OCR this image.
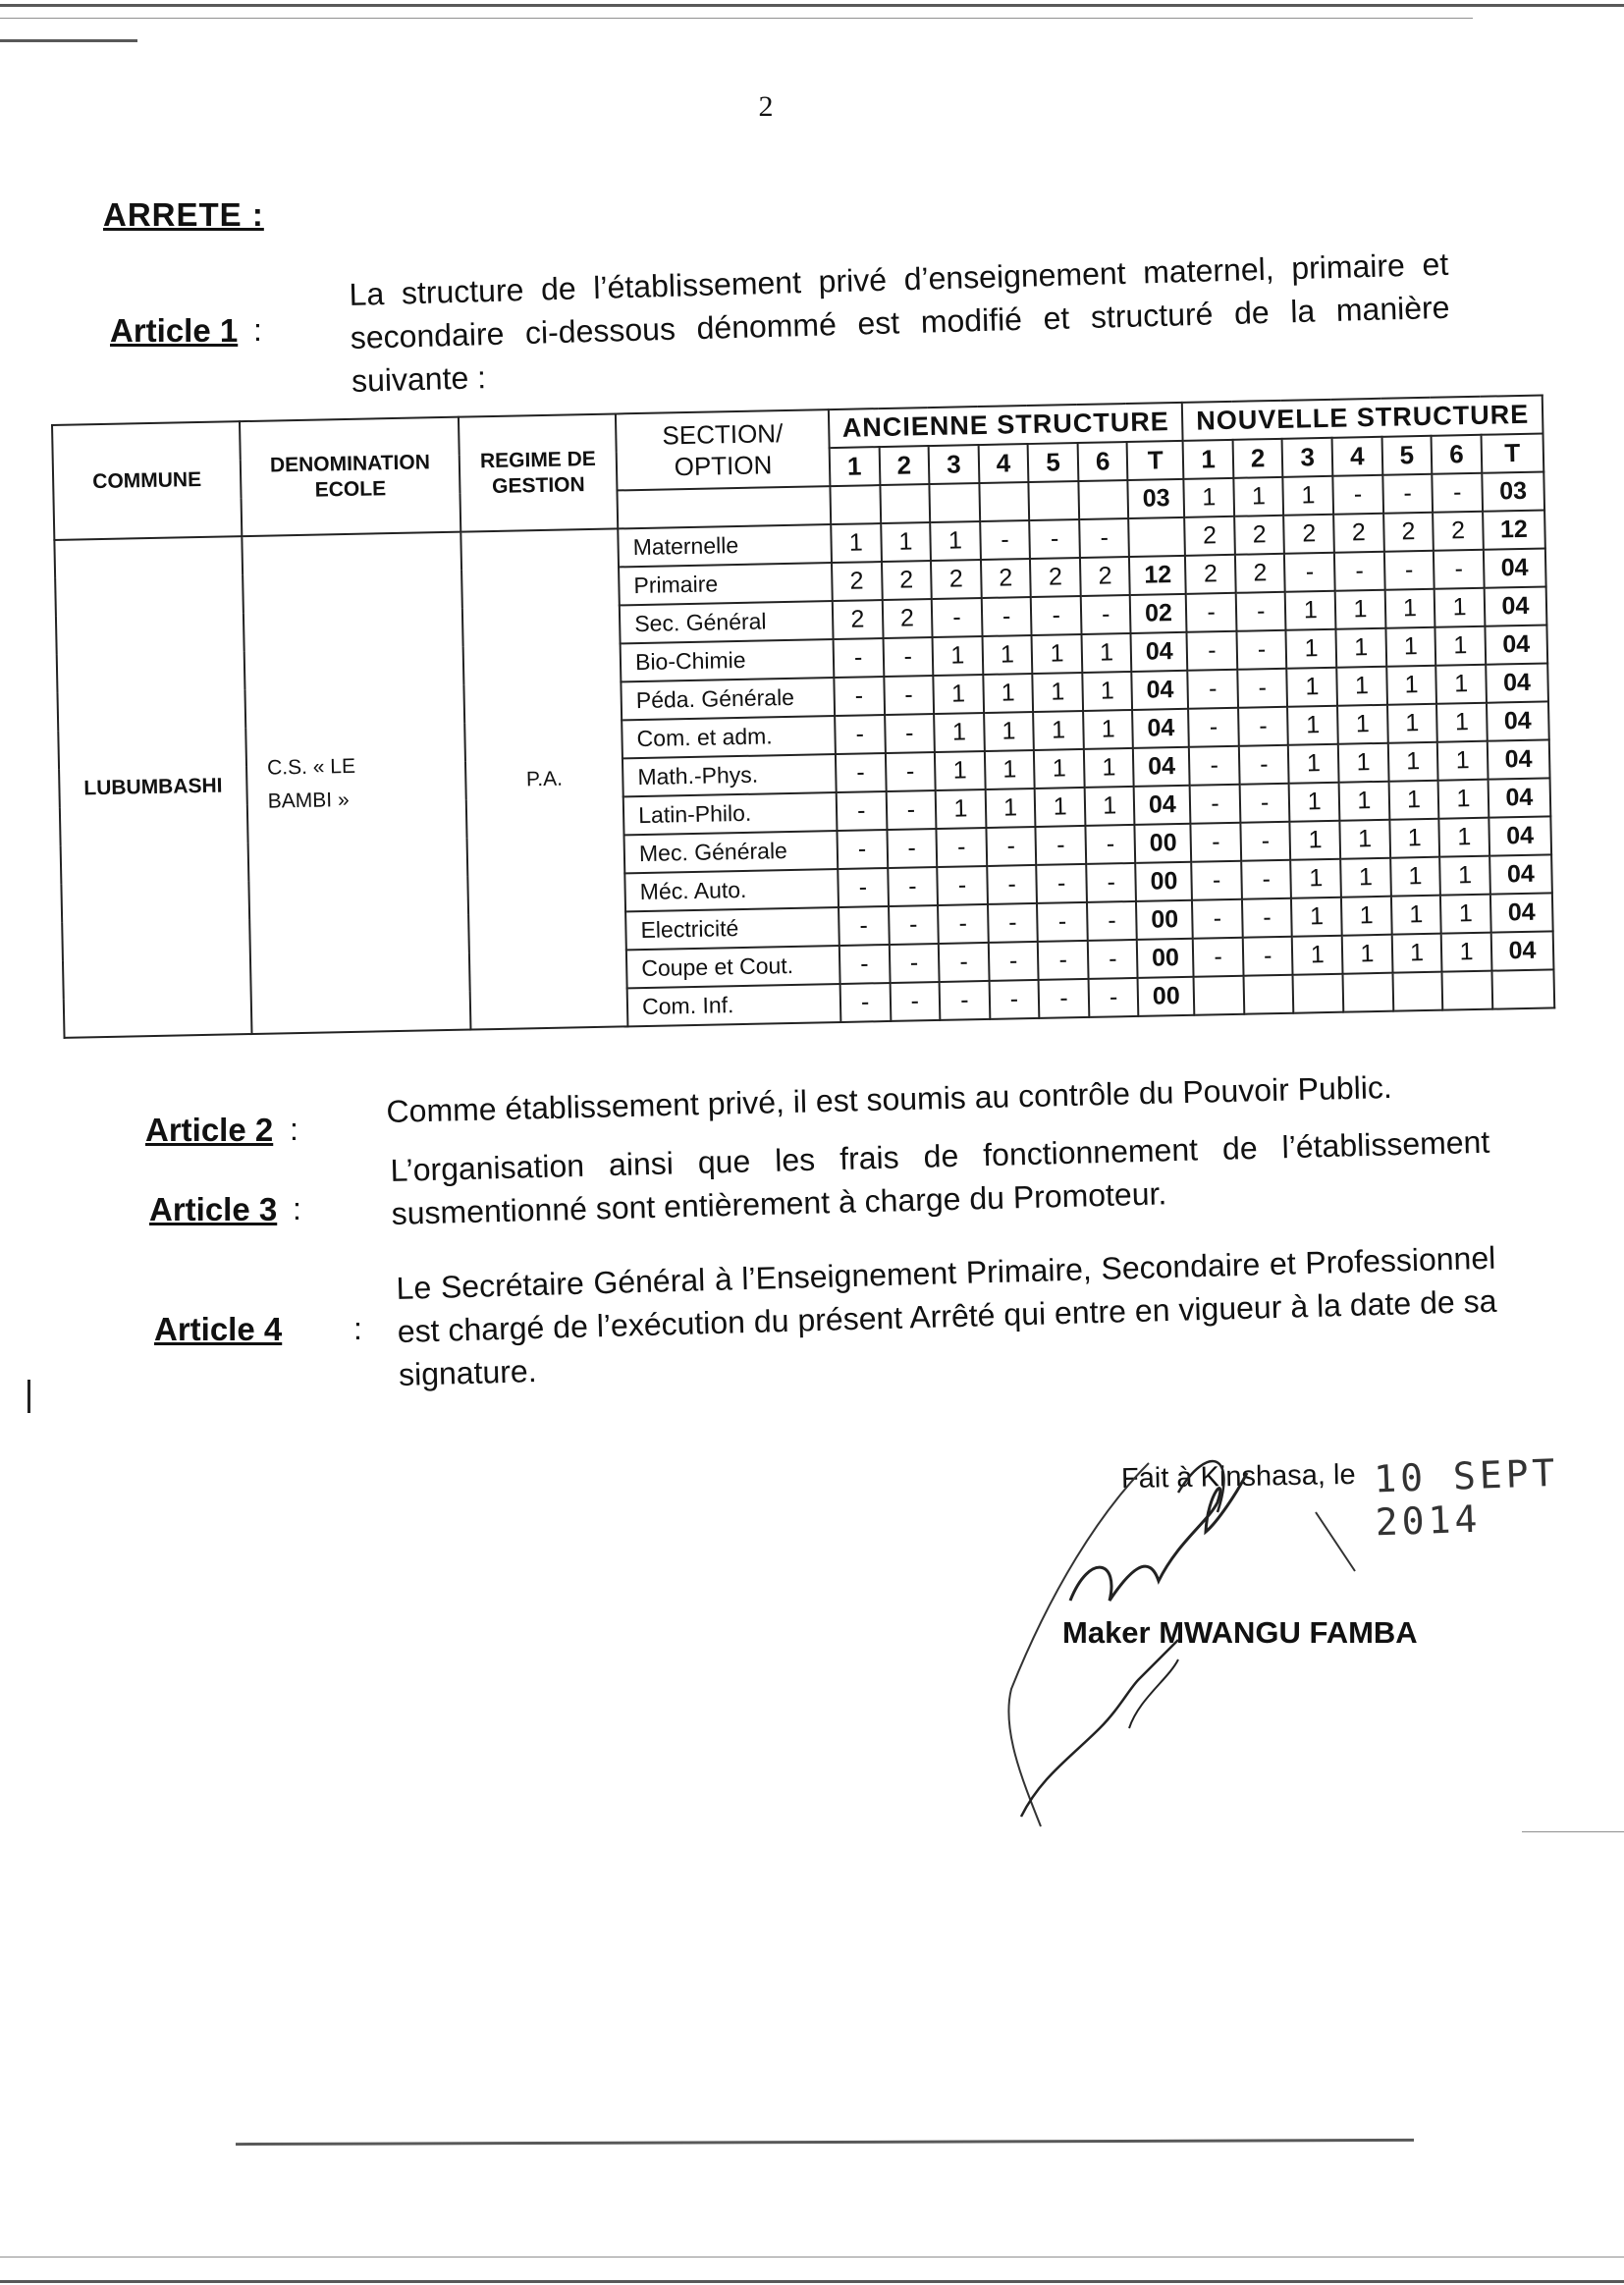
2
ARRETE :
Article 1 :
La structure de l’établissement privé d’enseignement maternel, primaire et secondaire ci-dessous dénommé est modifié et structuré de la manière suivante :
COMMUNE	DENOMINATION ECOLE	REGIME DE GESTION	SECTION/ OPTION	ANCIENNE STRUCTURE							NOUVELLE STRUCTURE						
				1	2	3	4	5	6	T	1	2	3	4	5	6	T
										03	1	1	1	-	-	-	03
LUBUMBASHI	C.S. « LE
BAMBI »	P.A.	Maternelle	1	1	1	-	-	-		2	2	2	2	2	2	12
			Primaire	2	2	2	2	2	2	12	2	2	-	-	-	-	04
			Sec. Général	2	2	-	-	-	-	02	-	-	1	1	1	1	04
			Bio-Chimie	-	-	1	1	1	1	04	-	-	1	1	1	1	04
			Péda. Générale	-	-	1	1	1	1	04	-	-	1	1	1	1	04
			Com. et adm.	-	-	1	1	1	1	04	-	-	1	1	1	1	04
			Math.-Phys.	-	-	1	1	1	1	04	-	-	1	1	1	1	04
			Latin-Philo.	-	-	1	1	1	1	04	-	-	1	1	1	1	04
			Mec. Générale	-	-	-	-	-	-	00	-	-	1	1	1	1	04
			Méc. Auto.	-	-	-	-	-	-	00	-	-	1	1	1	1	04
			Electricité	-	-	-	-	-	-	00	-	-	1	1	1	1	04
			Coupe et Cout.	-	-	-	-	-	-	00	-	-	1	1	1	1	04
			Com. Inf.	-	-	-	-	-	-	00							
Article 2 :
Comme établissement privé, il est soumis au contrôle du Pouvoir Public.
Article 3 :
L’organisation ainsi que les frais de fonctionnement de l’établissement susmentionné sont entièrement à charge du Promoteur.
Article 4 :
Le Secrétaire Général à l’Enseignement Primaire, Secondaire et Professionnel est chargé de l’exécution du présent Arrêté qui entre en vigueur à la date de sa signature.
Fait à Kinshasa, le 10 SEPT 2014
Maker MWANGU FAMBA
